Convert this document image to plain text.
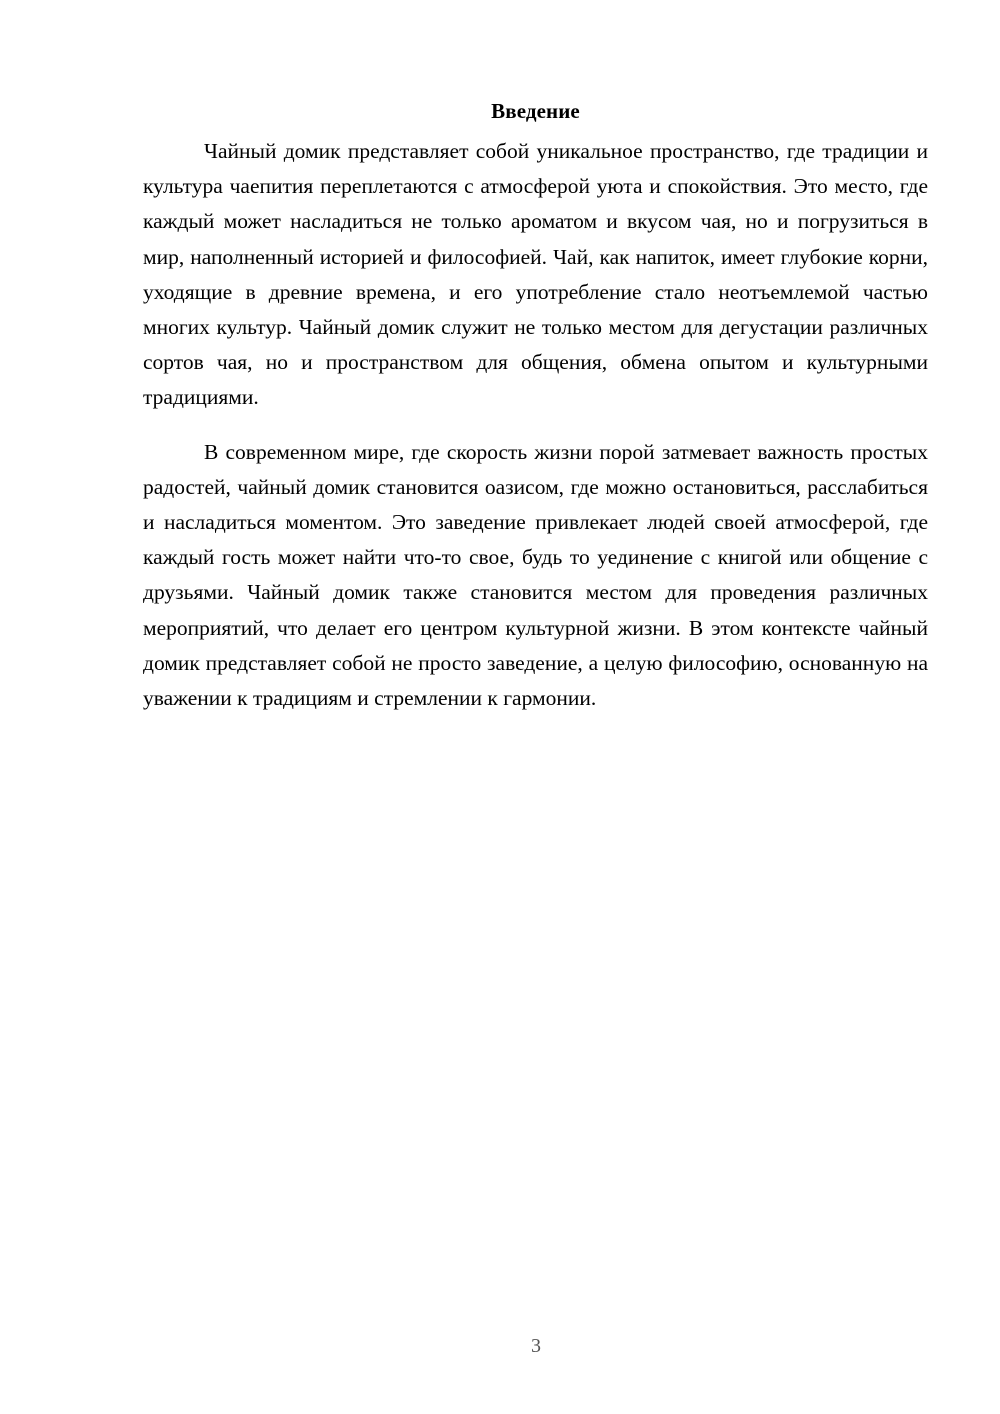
Введение

Чайный домик представляет собой уникальное пространство, где традиции и культура чаепития переплетаются с атмосферой уюта и спокойствия. Это место, где каждый может насладиться не только ароматом и вкусом чая, но и погрузиться в мир, наполненный историей и философией. Чай, как напиток, имеет глубокие корни, уходящие в древние времена, и его употребление стало неотъемлемой частью многих культур. Чайный домик служит не только местом для дегустации различных сортов чая, но и пространством для общения, обмена опытом и культурными традициями.

В современном мире, где скорость жизни порой затмевает важность простых радостей, чайный домик становится оазисом, где можно остановиться, расслабиться и насладиться моментом. Это заведение привлекает людей своей атмосферой, где каждый гость может найти что-то свое, будь то уединение с книгой или общение с друзьями. Чайный домик также становится местом для проведения различных мероприятий, что делает его центром культурной жизни. В этом контексте чайный домик представляет собой не просто заведение, а целую философию, основанную на уважении к традициям и стремлении к гармонии.

3
